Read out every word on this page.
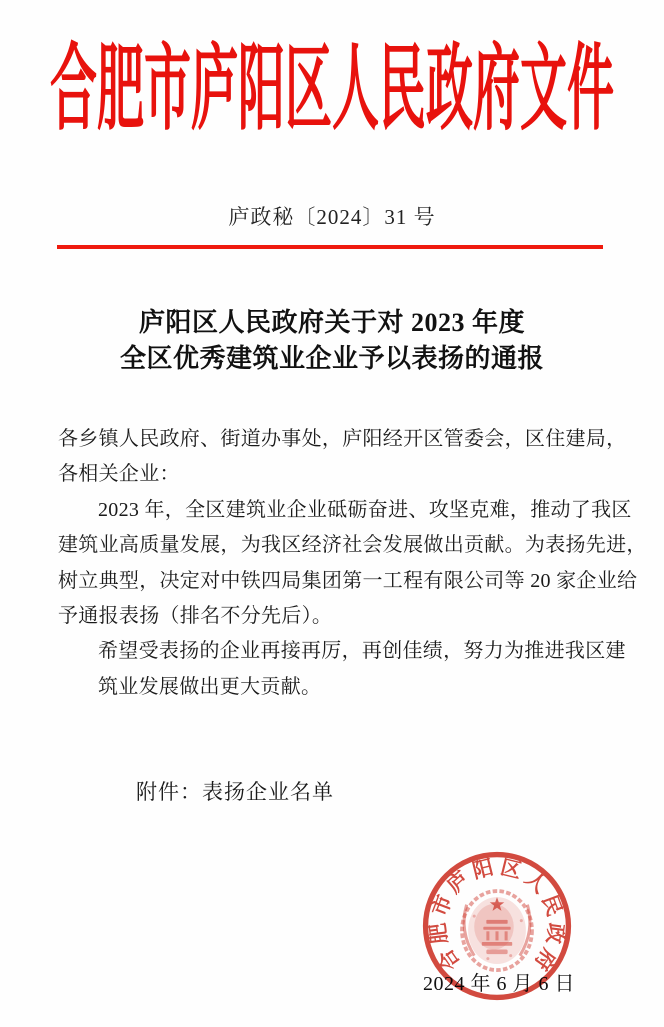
合肥市庐阳区人民政府文件
庐政秘〔2024〕31 号
庐阳区人民政府关于对 2023 年度
全区优秀建筑业企业予以表扬的通报
各乡镇人民政府、街道办事处，庐阳经开区管委会，区住建局，
各相关企业：
2023 年，全区建筑业企业砥砺奋进、攻坚克难，推动了我区
建筑业高质量发展，为我区经济社会发展做出贡献。为表扬先进，
树立典型，决定对中铁四局集团第一工程有限公司等 20 家企业给
予通报表扬（排名不分先后）。
希望受表扬的企业再接再厉，再创佳绩，努力为推进我区建
筑业发展做出更大贡献。
附件：表扬企业名单
2024 年 6 月 6 日
合
肥
市
庐
阳 区
人
民
政
府
